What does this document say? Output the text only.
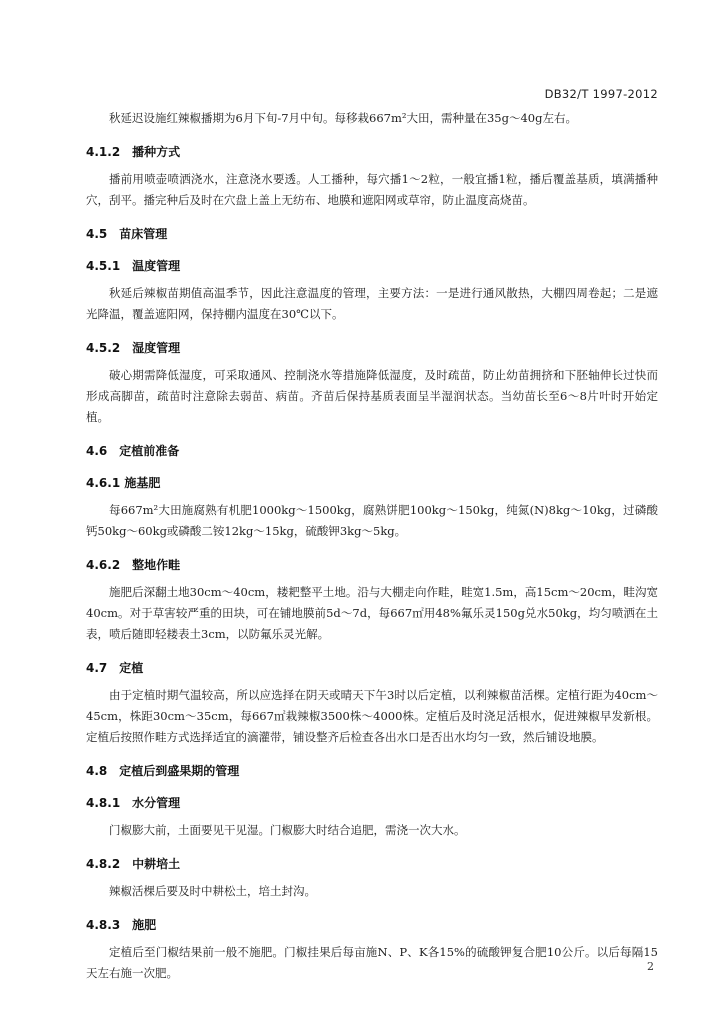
DB32/T 1997-2012

秋延迟设施红辣椒播期为6月下旬-7月中旬。每移栽667m²大田，需种量在35g～40g左右。

4.1.2　播种方式

播前用喷壶喷洒浇水，注意浇水要透。人工播种，每穴播1～2粒，一般宜播1粒，播后覆盖基质，填满播种穴，刮平。播完种后及时在穴盘上盖上无纺布、地膜和遮阳网或草帘，防止温度高烧苗。

4.5　苗床管理
4.5.1　温度管理

秋延后辣椒苗期值高温季节，因此注意温度的管理，主要方法：一是进行通风散热，大棚四周卷起；二是遮光降温，覆盖遮阳网，保持棚内温度在30℃以下。

4.5.2　湿度管理

破心期需降低湿度，可采取通风、控制浇水等措施降低湿度，及时疏苗，防止幼苗拥挤和下胚轴伸长过快而形成高脚苗，疏苗时注意除去弱苗、病苗。齐苗后保持基质表面呈半湿润状态。当幼苗长至6～8片叶时开始定植。

4.6　定植前准备
4.6.1 施基肥

每667m²大田施腐熟有机肥1000kg～1500kg，腐熟饼肥100kg～150kg，纯氮(N)8kg～10kg，过磷酸钙50kg～60kg或磷酸二铵12kg～15kg，硫酸钾3kg～5kg。

4.6.2　整地作畦

施肥后深翻土地30cm～40cm，耧耙整平土地。沿与大棚走向作畦，畦宽1.5m，高15cm～20cm，畦沟宽40cm。对于草害较严重的田块，可在铺地膜前5d～7d，每667㎡用48%氟乐灵150g兑水50kg，均匀喷洒在土表，喷后随即轻耧表土3cm，以防氟乐灵光解。

4.7　定植

由于定植时期气温较高，所以应选择在阴天或晴天下午3时以后定植，以利辣椒苗活棵。定植行距为40cm～45cm，株距30cm～35cm，每667㎡栽辣椒3500株～4000株。定植后及时浇足活根水，促进辣椒早发新根。定植后按照作畦方式选择适宜的滴灌带，铺设整齐后检查各出水口是否出水均匀一致，然后铺设地膜。

4.8　定植后到盛果期的管理
4.8.1　水分管理

门椒膨大前，土面要见干见湿。门椒膨大时结合追肥，需浇一次大水。

4.8.2　中耕培土

辣椒活棵后要及时中耕松土，培土封沟。

4.8.3　施肥

定植后至门椒结果前一般不施肥。门椒挂果后每亩施N、P、K各15%的硫酸钾复合肥10公斤。以后每隔15天左右施一次肥。	2
